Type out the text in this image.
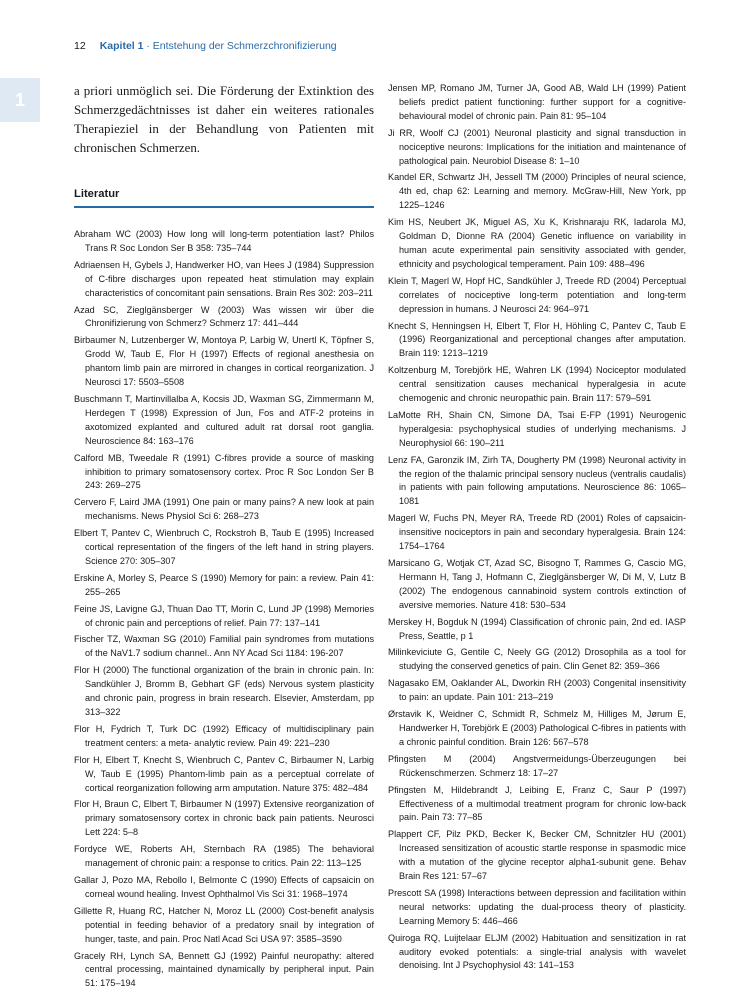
12 Kapitel 1 · Entstehung der Schmerzchronifizierung
1	a priori unmöglich sei. Die Förderung der Extinktion des Schmerzgedächtnisses ist daher ein weiteres rationales Therapieziel in der Behandlung von Patienten mit chronischen Schmerzen.

Literatur

Abraham WC (2003) How long will long-term potentiation last? Philos Trans R Soc London Ser B 358: 735–744

Adriaensen H, Gybels J, Handwerker HO, van Hees J (1984) Suppression of C-fibre discharges upon repeated heat stimulation may explain characteristics of concomitant pain sensations. Brain Res 302: 203–211

Azad SC, Zieglgänsberger W (2003) Was wissen wir über die Chronifizierung von Schmerz? Schmerz 17: 441–444

Birbaumer N, Lutzenberger W, Montoya P, Larbig W, Unertl K, Töpfner S, Grodd W, Taub E, Flor H (1997) Effects of regional anesthesia on phantom limb pain are mirrored in changes in cortical reorganization. J Neurosci 17: 5503–5508

Buschmann T, Martinvillalba A, Kocsis JD, Waxman SG, Zimmermann M, Herdegen T (1998) Expression of Jun, Fos and ATF-2 proteins in axotomized explanted and cultured adult rat dorsal root ganglia. Neuroscience 84: 163–176

Calford MB, Tweedale R (1991) C-fibres provide a source of masking inhibition to primary somatosensory cortex. Proc R Soc London Ser B 243: 269–275

Cervero F, Laird JMA (1991) One pain or many pains? A new look at pain mechanisms. News Physiol Sci 6: 268–273

Elbert T, Pantev C, Wienbruch C, Rockstroh B, Taub E (1995) Increased cortical representation of the fingers of the left hand in string players. Science 270: 305–307

Erskine A, Morley S, Pearce S (1990) Memory for pain: a review. Pain 41: 255–265

Feine JS, Lavigne GJ, Thuan Dao TT, Morin C, Lund JP (1998) Memories of chronic pain and perceptions of relief. Pain 77: 137–141

Fischer TZ, Waxman SG (2010) Familial pain syndromes from mutations of the NaV1.7 sodium channel.. Ann NY Acad Sci 1184: 196-207

Flor H (2000) The functional organization of the brain in chronic pain. In: Sandkühler J, Bromm B, Gebhart GF (eds) Nervous system plasticity and chronic pain, progress in brain research. Elsevier, Amsterdam, pp 313–322

Flor H, Fydrich T, Turk DC (1992) Efficacy of multidisciplinary pain treatment centers: a meta- analytic review. Pain 49: 221–230

Flor H, Elbert T, Knecht S, Wienbruch C, Pantev C, Birbaumer N, Larbig W, Taub E (1995) Phantom-limb pain as a perceptual correlate of cortical reorganization following arm amputation. Nature 375: 482–484

Flor H, Braun C, Elbert T, Birbaumer N (1997) Extensive reorganization of primary somatosensory cortex in chronic back pain patients. Neurosci Lett 224: 5–8

Fordyce WE, Roberts AH, Sternbach RA (1985) The behavioral management of chronic pain: a response to critics. Pain 22: 113–125

Gallar J, Pozo MA, Rebollo I, Belmonte C (1990) Effects of capsaicin on corneal wound healing. Invest Ophthalmol Vis Sci 31: 1968–1974

Gillette R, Huang RC, Hatcher N, Moroz LL (2000) Cost-benefit analysis potential in feeding behavior of a predatory snail by integration of hunger, taste, and pain. Proc Natl Acad Sci USA 97: 3585–3590

Gracely RH, Lynch SA, Bennett GJ (1992) Painful neuropathy: altered central processing, maintained dynamically by peripheral input. Pain 51: 175–194

Jensen MP, Romano JM, Turner JA, Good AB, Wald LH (1999) Patient beliefs predict patient functioning: further support for a cognitive-behavioural model of chronic pain. Pain 81: 95–104

Ji RR, Woolf CJ (2001) Neuronal plasticity and signal transduction in nociceptive neurons: Implications for the initiation and maintenance of pathological pain. Neurobiol Disease 8: 1–10

Kandel ER, Schwartz JH, Jessell TM (2000) Principles of neural science, 4th ed, chap 62: Learning and memory. McGraw-Hill, New York, pp 1225–1246

Kim HS, Neubert JK, Miguel AS, Xu K, Krishnaraju RK, Iadarola MJ, Goldman D, Dionne RA (2004) Genetic influence on variability in human acute experimental pain sensitivity associated with gender, ethnicity and psychological temperament. Pain 109: 488–496

Klein T, Magerl W, Hopf HC, Sandkühler J, Treede RD (2004) Perceptual correlates of nociceptive long-term potentiation and long-term depression in humans. J Neurosci 24: 964–971

Knecht S, Henningsen H, Elbert T, Flor H, Höhling C, Pantev C, Taub E (1996) Reorganizational and perceptional changes after amputation. Brain 119: 1213–1219

Koltzenburg M, Torebjörk HE, Wahren LK (1994) Nociceptor modulated central sensitization causes mechanical hyperalgesia in acute chemogenic and chronic neuropathic pain. Brain 117: 579–591

LaMotte RH, Shain CN, Simone DA, Tsai E-FP (1991) Neurogenic hyperalgesia: psychophysical studies of underlying mechanisms. J Neurophysiol 66: 190–211

Lenz FA, Garonzik IM, Zirh TA, Dougherty PM (1998) Neuronal activity in the region of the thalamic principal sensory nucleus (ventralis caudalis) in patients with pain following amputations. Neuroscience 86: 1065–1081

Magerl W, Fuchs PN, Meyer RA, Treede RD (2001) Roles of capsaicin-insensitive nociceptors in pain and secondary hyperalgesia. Brain 124: 1754–1764

Marsicano G, Wotjak CT, Azad SC, Bisogno T, Rammes G, Cascio MG, Hermann H, Tang J, Hofmann C, Zieglgänsberger W, Di M, V, Lutz B (2002) The endogenous cannabinoid system controls extinction of aversive memories. Nature 418: 530–534

Merskey H, Bogduk N (1994) Classification of chronic pain, 2nd ed. IASP Press, Seattle, p 1

Milinkeviciute G, Gentile C, Neely GG (2012) Drosophila as a tool for studying the conserved genetics of pain. Clin Genet 82: 359–366

Nagasako EM, Oaklander AL, Dworkin RH (2003) Congenital insensitivity to pain: an update. Pain 101: 213–219

Ørstavik K, Weidner C, Schmidt R, Schmelz M, Hilliges M, Jørum E, Handwerker H, Torebjörk E (2003) Pathological C-fibres in patients with a chronic painful condition. Brain 126: 567–578

Pfingsten M (2004) Angstvermeidungs-Überzeugungen bei Rückenschmerzen. Schmerz 18: 17–27

Pfingsten M, Hildebrandt J, Leibing E, Franz C, Saur P (1997) Effectiveness of a multimodal treatment program for chronic low-back pain. Pain 73: 77–85

Plappert CF, Pilz PKD, Becker K, Becker CM, Schnitzler HU (2001) Increased sensitization of acoustic startle response in spasmodic mice with a mutation of the glycine receptor alpha1-subunit gene. Behav Brain Res 121: 57–67

Prescott SA (1998) Interactions between depression and facilitation within neural networks: updating the dual-process theory of plasticity. Learning Memory 5: 446–466

Quiroga RQ, Luijtelaar ELJM (2002) Habituation and sensitization in rat auditory evoked potentials: a single-trial analysis with wavelet denoising. Int J Psychophysiol 43: 141–153
